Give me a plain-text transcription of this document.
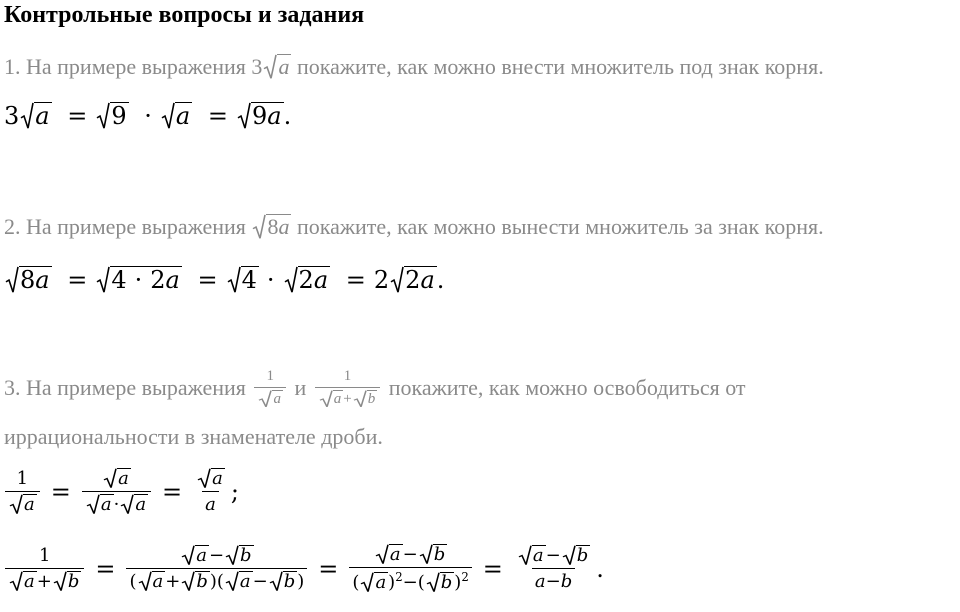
Контрольные вопросы и задания
1. На примере выражения 3 a покажите, как можно внести множитель под знак корня.
3 a = 9 · a = 9a.
2. На примере выражения 8a покажите, как можно вынести множитель за знак корня.
8a = 4 · 2a = 4 · 2a = 2 2a.
3. На примере выражения $\frac{1}{a}$ и $\frac{1}{a + b}$ покажите, как можно освободиться от
иррациональности в знаменателе дроби.
$\frac{1}{a} = \frac{a}{a \cdot a} = \frac{a}{a}$ ;
$\frac{1}{a + b} = \frac{a - b}{( a + b )( a - b )} = \frac{a - b}{( a )^2-( b )^2} = \frac{a - b}{a-b}$ .
